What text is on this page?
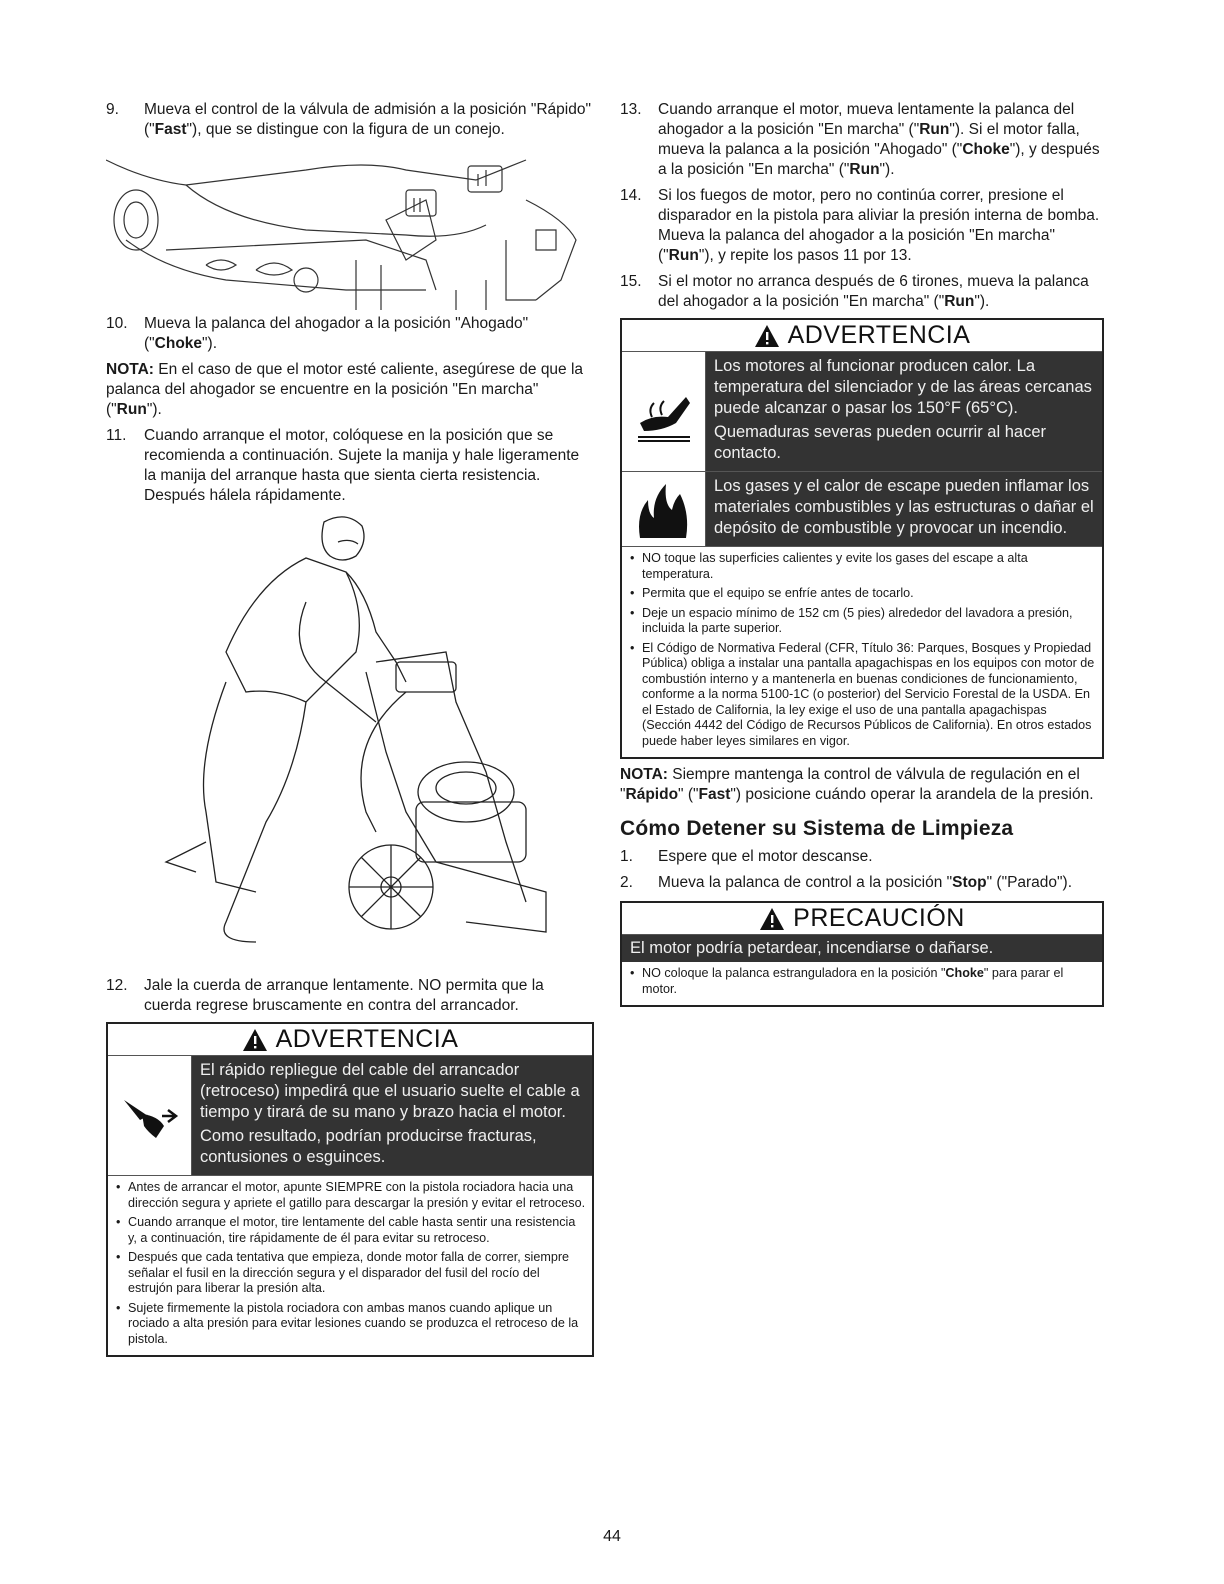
9.	Mueva el control de la válvula de admisión a la posición "Rápido" ("Fast"), que se distingue con la figura de un conejo.
10.	Mueva la palanca del ahogador a la posición "Ahogado" ("Choke").
NOTA: En el caso de que el motor esté caliente, asegúrese de que la palanca del ahogador se encuentre en la posición "En marcha" ("Run").
11.	Cuando arranque el motor, colóquese en la posición que se recomienda a continuación. Sujete la manija y hale ligeramente la manija del arranque hasta que sienta cierta resistencia. Después hálela rápidamente.
12.	Jale la cuerda de arranque lentamente. NO permita que la cuerda regrese bruscamente en contra del arrancador.
ADVERTENCIA

El rápido repliegue del cable del arrancador (retroceso) impedirá que el usuario suelte el cable a tiempo y tirará de su mano y brazo hacia el motor.

Como resultado, podrían producirse fracturas, contusiones o esguinces.

• Antes de arrancar el motor, apunte SIEMPRE con la pistola rociadora hacia una dirección segura y apriete el gatillo para descargar la presión y evitar el retroceso.
• Cuando arranque el motor, tire lentamente del cable hasta sentir una resistencia y, a continuación, tire rápidamente de él para evitar su retroceso.
• Después que cada tentativa que empieza, donde motor falla de correr, siempre señalar el fusil en la dirección segura y el disparador del fusil del rocío del estrujón para liberar la presión alta.
• Sujete firmemente la pistola rociadora con ambas manos cuando aplique un rociado a alta presión para evitar lesiones cuando se produzca el retroceso de la pistola.
13.	Cuando arranque el motor, mueva lentamente la palanca del ahogador a la posición "En marcha" ("Run"). Si el motor falla, mueva la palanca a la posición "Ahogado" ("Choke"), y después a la posición "En marcha" ("Run").
14.	Si los fuegos de motor, pero no continúa correr, presione el disparador en la pistola para aliviar la presión interna de bomba. Mueva la palanca del ahogador a la posición "En marcha" ("Run"), y repite los pasos 11 por 13.
15.	Si el motor no arranca después de 6 tirones, mueva la palanca del ahogador a la posición "En marcha" ("Run").
ADVERTENCIA

Los motores al funcionar producen calor. La temperatura del silenciador y de las áreas cercanas puede alcanzar o pasar los 150°F (65°C).

Quemaduras severas pueden ocurrir al hacer contacto.

Los gases y el calor de escape pueden inflamar los materiales combustibles y las estructuras o dañar el depósito de combustible y provocar un incendio.

• NO toque las superficies calientes y evite los gases del escape a alta temperatura.
• Permita que el equipo se enfríe antes de tocarlo.
• Deje un espacio mínimo de 152 cm (5 pies) alrededor del lavadora a presión, incluida la parte superior.
• El Código de Normativa Federal (CFR, Título 36: Parques, Bosques y Propiedad Pública) obliga a instalar una pantalla apagachispas en los equipos con motor de combustión interno y a mantenerla en buenas condiciones de funcionamiento, conforme a la norma 5100-1C (o posterior) del Servicio Forestal de la USDA. En el Estado de California, la ley exige el uso de una pantalla apagachispas (Sección 4442 del Código de Recursos Públicos de California). En otros estados puede haber leyes similares en vigor.
NOTA: Siempre mantenga la control de válvula de regulación en el "Rápido" ("Fast") posicione cuándo operar la arandela de la presión.
Cómo Detener su Sistema de Limpieza
1.	Espere que el motor descanse.
2.	Mueva la palanca de control a la posición "Stop" ("Parado").
PRECAUCIÓN
El motor podría petardear, incendiarse o dañarse.
• NO coloque la palanca estranguladora en la posición "Choke" para parar el motor.
44
